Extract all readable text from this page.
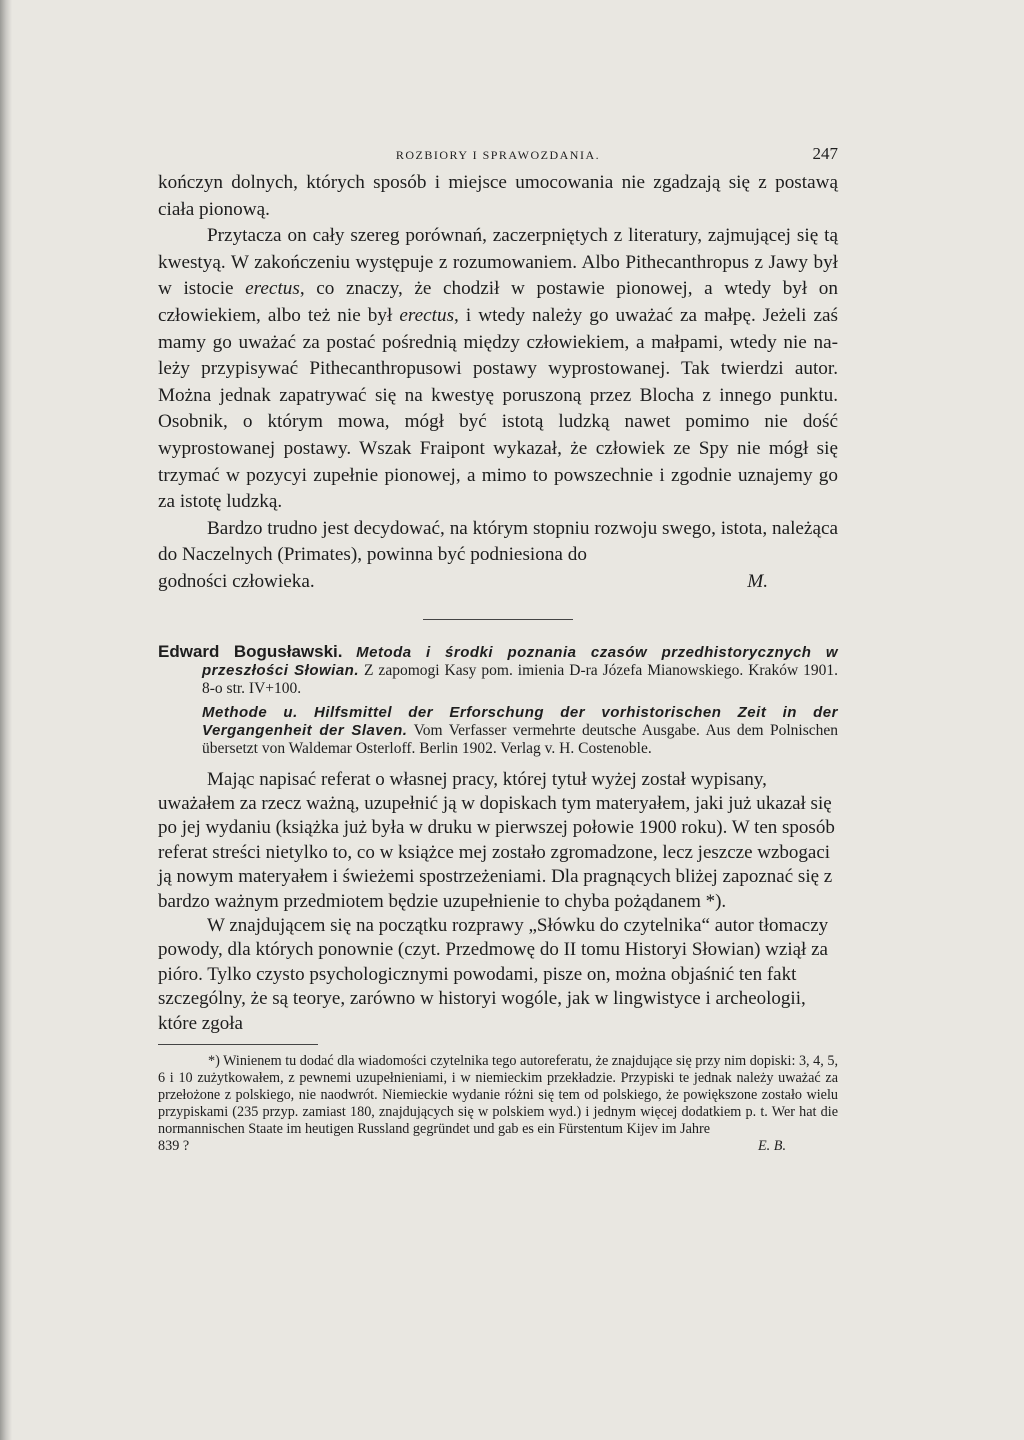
ROZBIORY I SPRAWOZDANIA.	247

kończyn dolnych, których sposób i miejsce umocowania nie zgadzają się z postawą ciała pionową.

Przytacza on cały szereg porównań, zaczerpniętych z literatury, zajmującej się tą kwestyą. W zakończeniu występuje z rozumowaniem. Albo Pithecanthropus z Jawy był w istocie erectus, co znaczy, że chodził w postawie pionowej, a wtedy był on człowiekiem, albo też nie był erectus, i wtedy należy go uważać za małpę. Jeżeli zaś mamy go uważać za postać pośrednią między człowiekiem, a małpami, wtedy nie należy przypisywać Pithecanthropusowi postawy wyprostowanej. Tak twierdzi autor. Można jednak zapatrywać się na kwestyę poruszoną przez Blocha z innego punktu. Osobnik, o którym mowa, mógł być istotą ludzką nawet pomimo nie dość wyprostowanej postawy. Wszak Fraipont wykazał, że człowiek ze Spy nie mógł się trzymać w pozycyi zupełnie pionowej, a mimo to powszechnie i zgodnie uznajemy go za istotę ludzką.

Bardzo trudno jest decydować, na którym stopniu rozwoju swego, istota, należąca do Naczelnych (Primates), powinna być podniesiona do

godności człowieka.	M.

Edward Bogusławski. Metoda i środki poznania czasów przedhistorycznych w przeszłości Słowian. Z zapomogi Kasy pom. imienia D-ra Józefa Mianowskiego. Kraków 1901. 8-o str. IV+100.

Methode u. Hilfsmittel der Erforschung der vorhistorischen Zeit in der Vergangenheit der Slaven. Vom Verfasser vermehrte deutsche Ausgabe. Aus dem Polnischen übersetzt von Waldemar Osterloff. Berlin 1902. Verlag v. H. Costenoble.

Mając napisać referat o własnej pracy, której tytuł wyżej został wypisany, uważałem za rzecz ważną, uzupełnić ją w dopiskach tym materyałem, jaki już ukazał się po jej wydaniu (książka już była w druku w pierwszej połowie 1900 roku). W ten sposób referat streści nietylko to, co w książce mej zostało zgromadzone, lecz jeszcze wzbogaci ją nowym materyałem i świeżemi spostrzeżeniami. Dla pragnących bliżej zapoznać się z bardzo ważnym przedmiotem będzie uzupełnienie to chyba pożądanem *).

W znajdującem się na początku rozprawy „Słówku do czytelnika“ autor tłomaczy powody, dla których ponownie (czyt. Przedmowę do II tomu Historyi Słowian) wziął za pióro. Tylko czysto psychologicznymi powodami, pisze on, można objaśnić ten fakt szczególny, że są teorye, zarówno w historyi wogóle, jak w lingwistyce i archeologii, które zgoła

*) Winienem tu dodać dla wiadomości czytelnika tego autoreferatu, że znajdujące się przy nim dopiski: 3, 4, 5, 6 i 10 zużytkowałem, z pewnemi uzupełnieniami, i w niemieckim przekładzie. Przypiski te jednak należy uważać za przełożone z polskiego, nie naodwrót. Niemieckie wydanie różni się tem od polskiego, że powiększone zostało wielu przypiskami (235 przyp. zamiast 180, znajdujących się w polskiem wyd.) i jednym więcej dodatkiem p. t. Wer hat die normannischen Staate im heutigen Russland gegründet und gab es ein Fürstentum Kijev im Jahre

839 ?	E. B.
